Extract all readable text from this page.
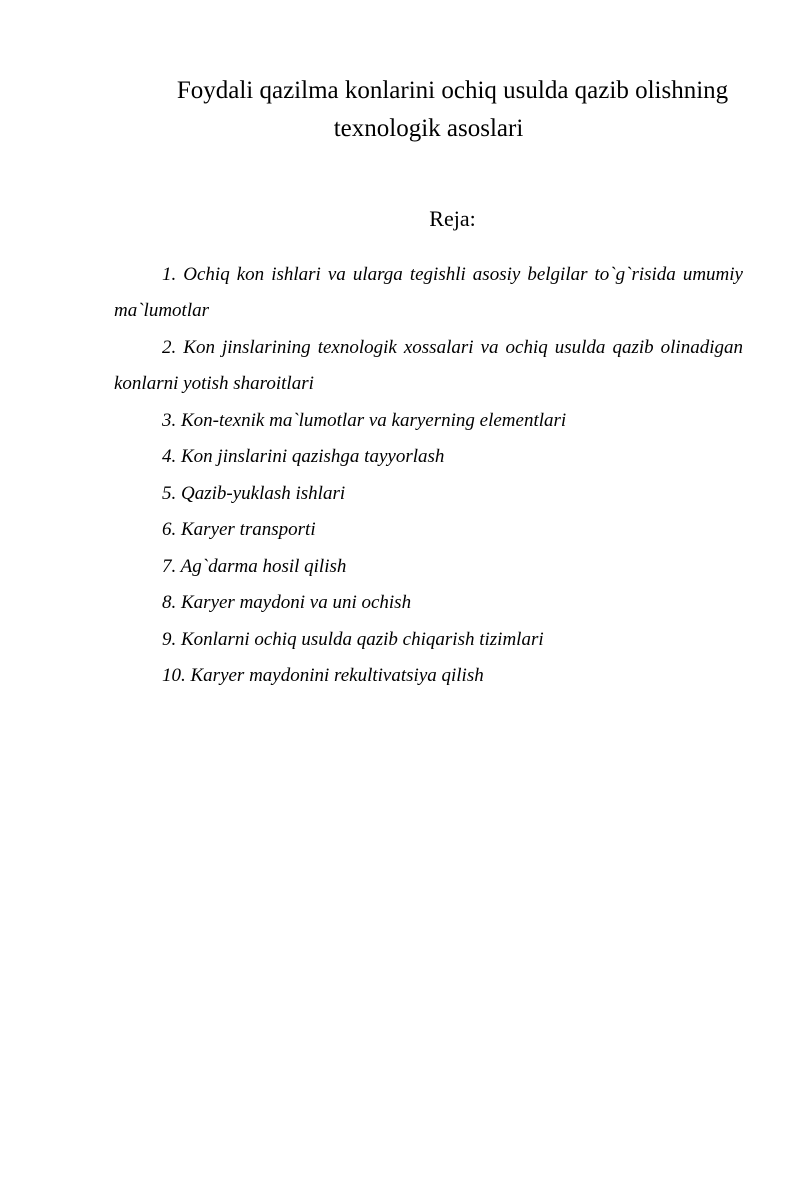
Foydali qazilma konlarini ochiq usulda qazib olishning texnologik asoslari
Reja:

1. Ochiq kon ishlari va ularga tegishli asosiy belgilar to`g`risida umumiy ma`lumotlar

2. Kon jinslarining texnologik xossalari va ochiq usulda qazib olinadigan konlarni yotish sharoitlari

3. Kon-texnik ma`lumotlar va karyerning elementlari

4. Kon jinslarini qazishga tayyorlash

5. Qazib-yuklash ishlari

6. Karyer transporti

7. Ag`darma hosil qilish

8. Karyer maydoni va uni ochish

9. Konlarni ochiq usulda qazib chiqarish tizimlari

10. Karyer maydonini rekultivatsiya qilish
